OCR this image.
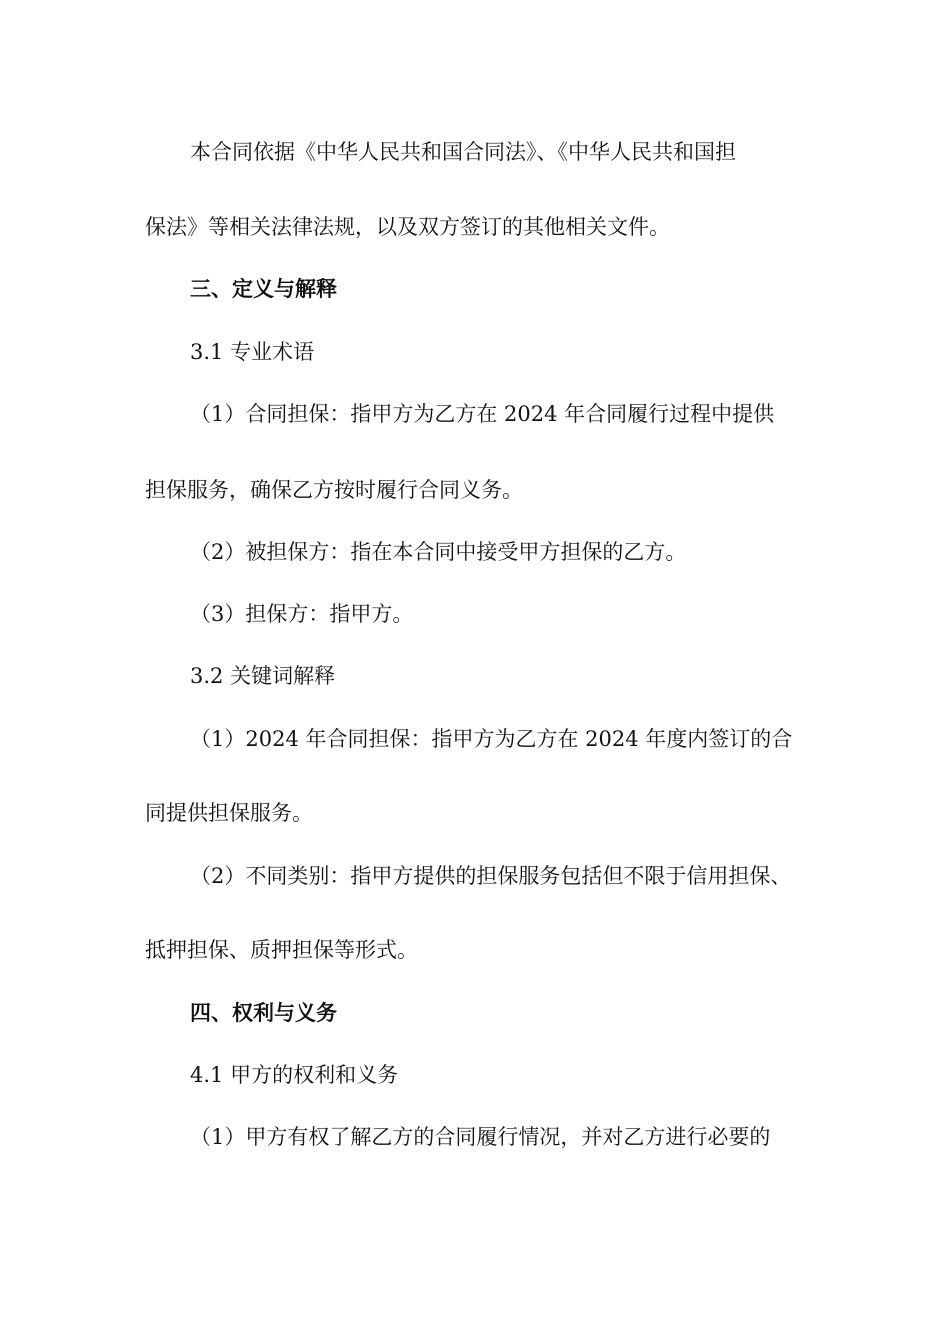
本合同依据《中华人民共和国合同法》、《中华人民共和国担
保法》等相关法律法规，以及双方签订的其他相关文件。
三、定义与解释
3.1 专业术语
（1）合同担保：指甲方为乙方在 2024 年合同履行过程中提供
担保服务，确保乙方按时履行合同义务。
（2）被担保方：指在本合同中接受甲方担保的乙方。
（3）担保方：指甲方。
3.2 关键词解释
（1）2024 年合同担保：指甲方为乙方在 2024 年度内签订的合
同提供担保服务。
（2）不同类别：指甲方提供的担保服务包括但不限于信用担保、
抵押担保、质押担保等形式。
四、权利与义务
4.1 甲方的权利和义务
（1）甲方有权了解乙方的合同履行情况，并对乙方进行必要的
